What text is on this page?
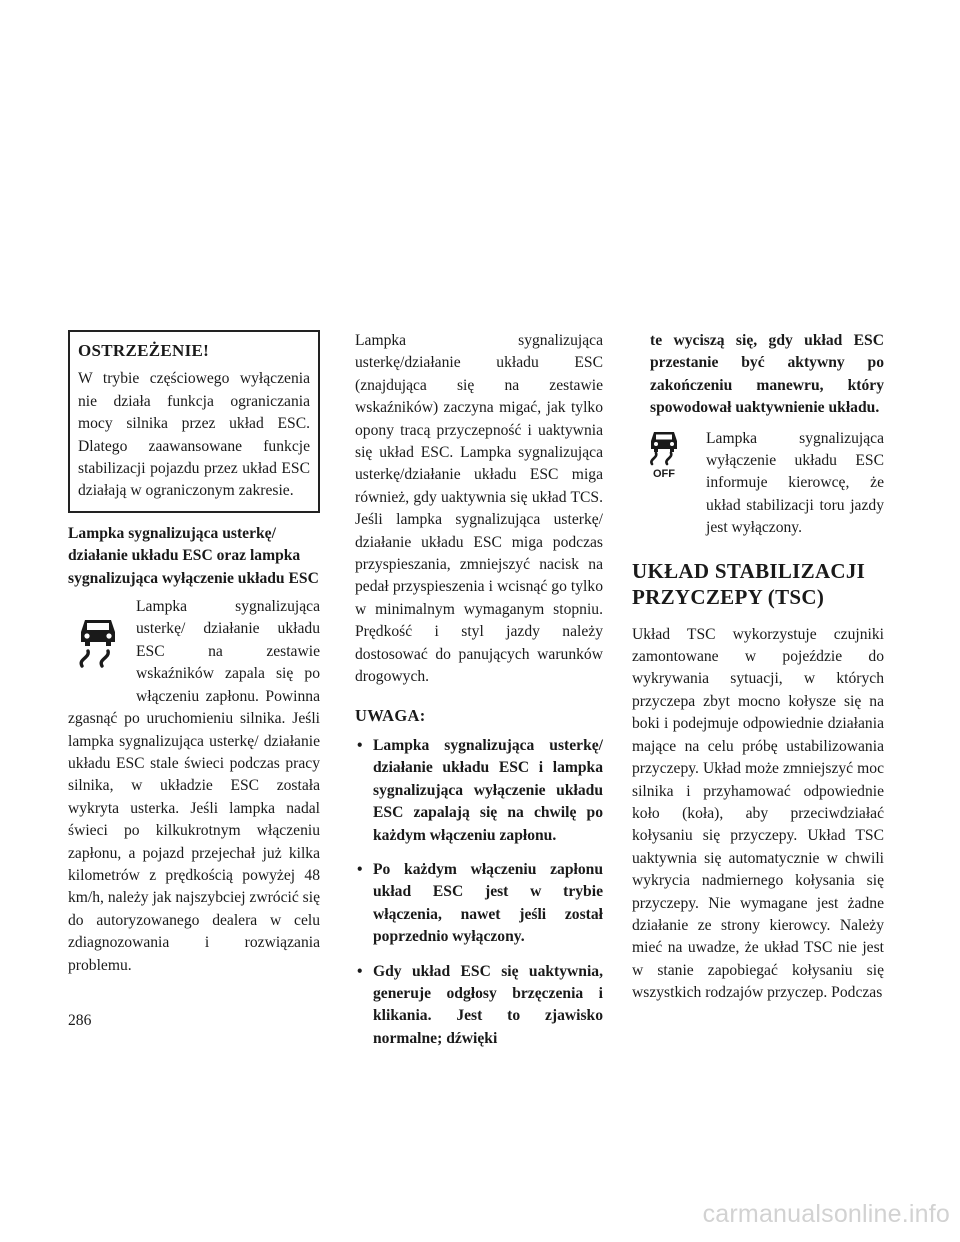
OSTRZEŻENIE!

W trybie częściowego wyłączenia nie działa funkcja ograniczania mocy silnika przez układ ESC. Dlatego zaawansowane funkcje stabilizacji pojazdu przez układ ESC działają w ograniczonym zakresie.

Lampka sygnalizująca usterkę/ działanie układu ESC oraz lampka sygnalizująca wyłączenie układu ESC

Lampka sygnalizująca usterkę/ działanie układu ESC na zestawie wskaźników zapala się po włączeniu zapłonu. Powinna zgasnąć po uruchomieniu silnika. Jeśli lampka sygnalizująca usterkę/ działanie układu ESC stale świeci podczas pracy silnika, w układzie ESC została wykryta usterka. Jeśli lampka nadal świeci po kilkukrotnym włączeniu zapłonu, a pojazd przejechał już kilka kilometrów z prędkością powyżej 48 km/h, należy jak najszybciej zwrócić się do autoryzowanego dealera w celu zdiagnozowania i rozwiązania problemu.

Lampka sygnalizująca usterkę/działanie układu ESC (znajdująca się na zestawie wskaźników) zaczyna migać, jak tylko opony tracą przyczepność i uaktywnia się układ ESC. Lampka sygnalizująca usterkę/działanie układu ESC miga również, gdy uaktywnia się układ TCS. Jeśli lampka sygnalizująca usterkę/ działanie układu ESC miga podczas przyspieszania, zmniejszyć nacisk na pedał przyspieszenia i wcisnąć go tylko w minimalnym wymaganym stopniu. Prędkość i styl jazdy należy dostosować do panujących warunków drogowych.

UWAGA:
• Lampka sygnalizująca usterkę/ działanie układu ESC i lampka sygnalizująca wyłączenie układu ESC zapalają się na chwilę po każdym włączeniu zapłonu.
• Po każdym włączeniu zapłonu układ ESC jest w trybie włączenia, nawet jeśli został poprzednio wyłączony.
• Gdy układ ESC się uaktywnia, generuje odgłosy brzęczenia i klikania. Jest to zjawisko normalne; dźwięki

te wyciszą się, gdy układ ESC przestanie być aktywny po zakończeniu manewru, który spowodował uaktywnienie układu.

OFF

Lampka sygnalizująca wyłączenie układu ESC informuje kierowcę, że układ stabilizacji toru jazdy jest wyłączony.

UKŁAD STABILIZACJI PRZYCZEPY (TSC)

Układ TSC wykorzystuje czujniki zamontowane w pojeździe do wykrywania sytuacji, w których przyczepa zbyt mocno kołysze się na boki i podejmuje odpowiednie działania mające na celu próbę ustabilizowania przyczepy. Układ może zmniejszyć moc silnika i przyhamować odpowiednie koło (koła), aby przeciwdziałać kołysaniu się przyczepy. Układ TSC uaktywnia się automatycznie w chwili wykrycia nadmiernego kołysania się przyczepy. Nie wymagane jest żadne działanie ze strony kierowcy. Należy mieć na uwadze, że układ TSC nie jest w stanie zapobiegać kołysaniu się wszystkich rodzajów przyczep. Podczas

286
carmanualsonline.info
